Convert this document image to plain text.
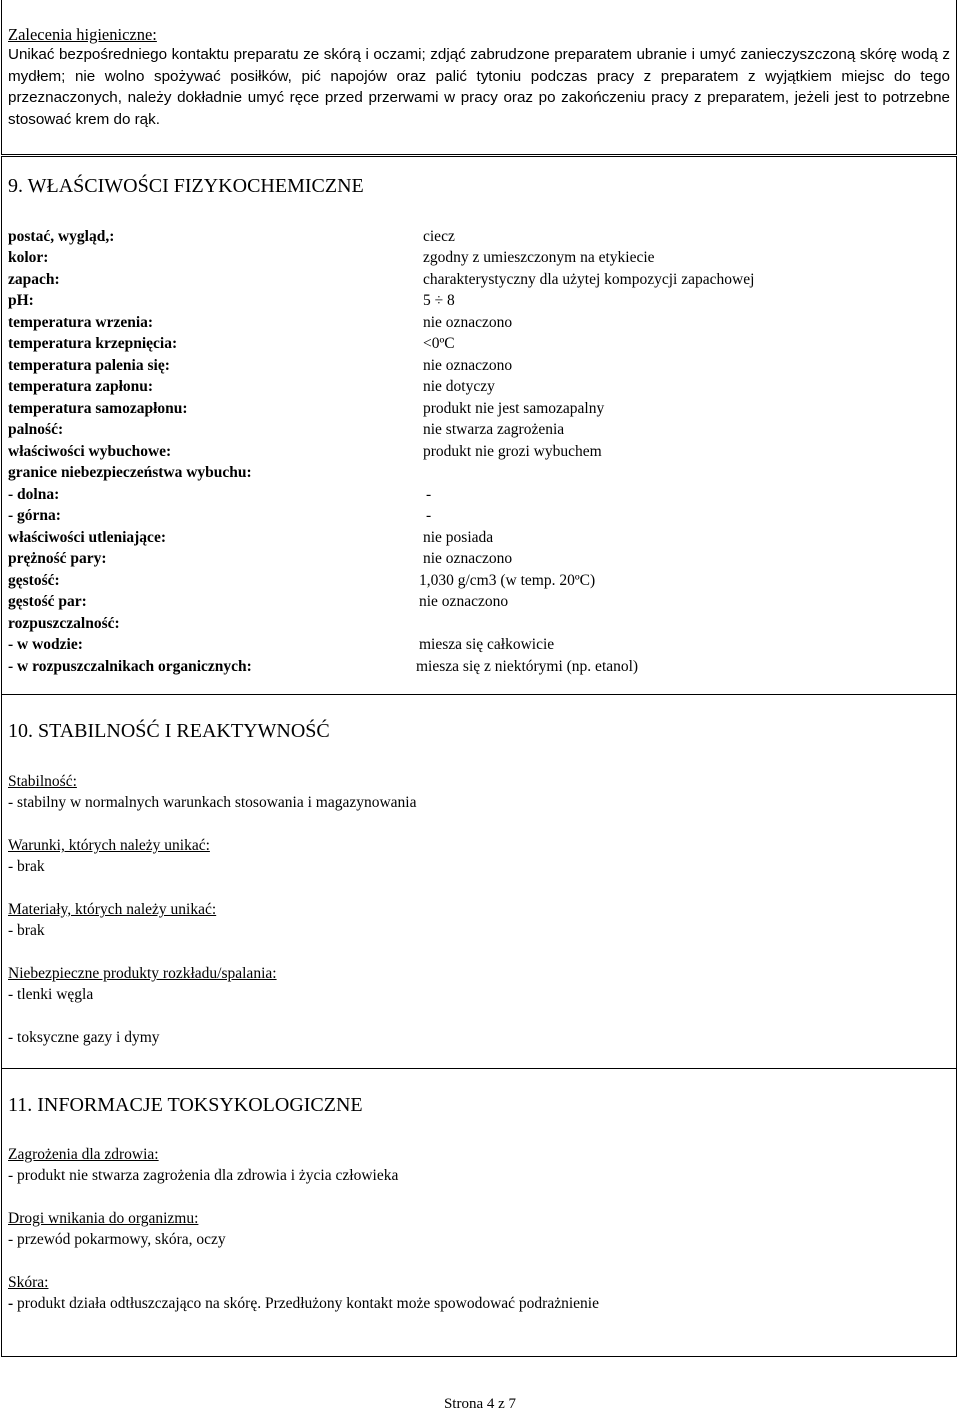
Zalecenia higieniczne:
Unikać bezpośredniego kontaktu preparatu ze skórą i oczami; zdjąć zabrudzone preparatem ubranie i umyć zanieczyszczoną skórę wodą z mydłem; nie wolno spożywać posiłków, pić napojów oraz palić tytoniu podczas pracy z preparatem z wyjątkiem miejsc do tego przeznaczonych, należy dokładnie umyć ręce przed przerwami w pracy oraz po zakończeniu pracy z preparatem, jeżeli jest to potrzebne stosować krem do rąk.
9. WŁAŚCIWOŚCI FIZYKOCHEMICZNE
postać, wygląd,:	ciecz
kolor:	zgodny z umieszczonym na etykiecie
zapach:	charakterystyczny dla użytej kompozycji zapachowej
pH:	5 ÷ 8
temperatura wrzenia:	nie oznaczono
temperatura krzepnięcia:	<0ºC
temperatura palenia się:	nie oznaczono
temperatura zapłonu:	nie dotyczy
temperatura samozapłonu:	produkt nie jest samozapalny
palność:	nie stwarza zagrożenia
właściwości wybuchowe:	produkt nie grozi wybuchem
granice niebezpieczeństwa wybuchu:
- dolna:	-
- górna:	-
właściwości utleniające:	nie posiada
prężność pary:	nie oznaczono
gęstość:	1,030 g/cm3 (w temp. 20ºC)
gęstość par:	nie oznaczono
rozpuszczalność:
- w wodzie:	miesza się całkowicie
- w rozpuszczalnikach organicznych:	miesza się z niektórymi (np. etanol)
10. STABILNOŚĆ I REAKTYWNOŚĆ
Stabilność:
- stabilny w normalnych warunkach stosowania i magazynowania
Warunki, których należy unikać:
- brak
Materiały, których należy unikać:
- brak
Niebezpieczne produkty rozkładu/spalania:
- tlenki węgla
- toksyczne gazy i dymy
11. INFORMACJE TOKSYKOLOGICZNE
Zagrożenia dla zdrowia:
- produkt nie stwarza zagrożenia dla zdrowia i życia człowieka
Drogi wnikania do organizmu:
- przewód pokarmowy, skóra, oczy
Skóra:
- produkt działa odtłuszczająco na skórę. Przedłużony kontakt może spowodować podrażnienie
Strona 4 z 7
